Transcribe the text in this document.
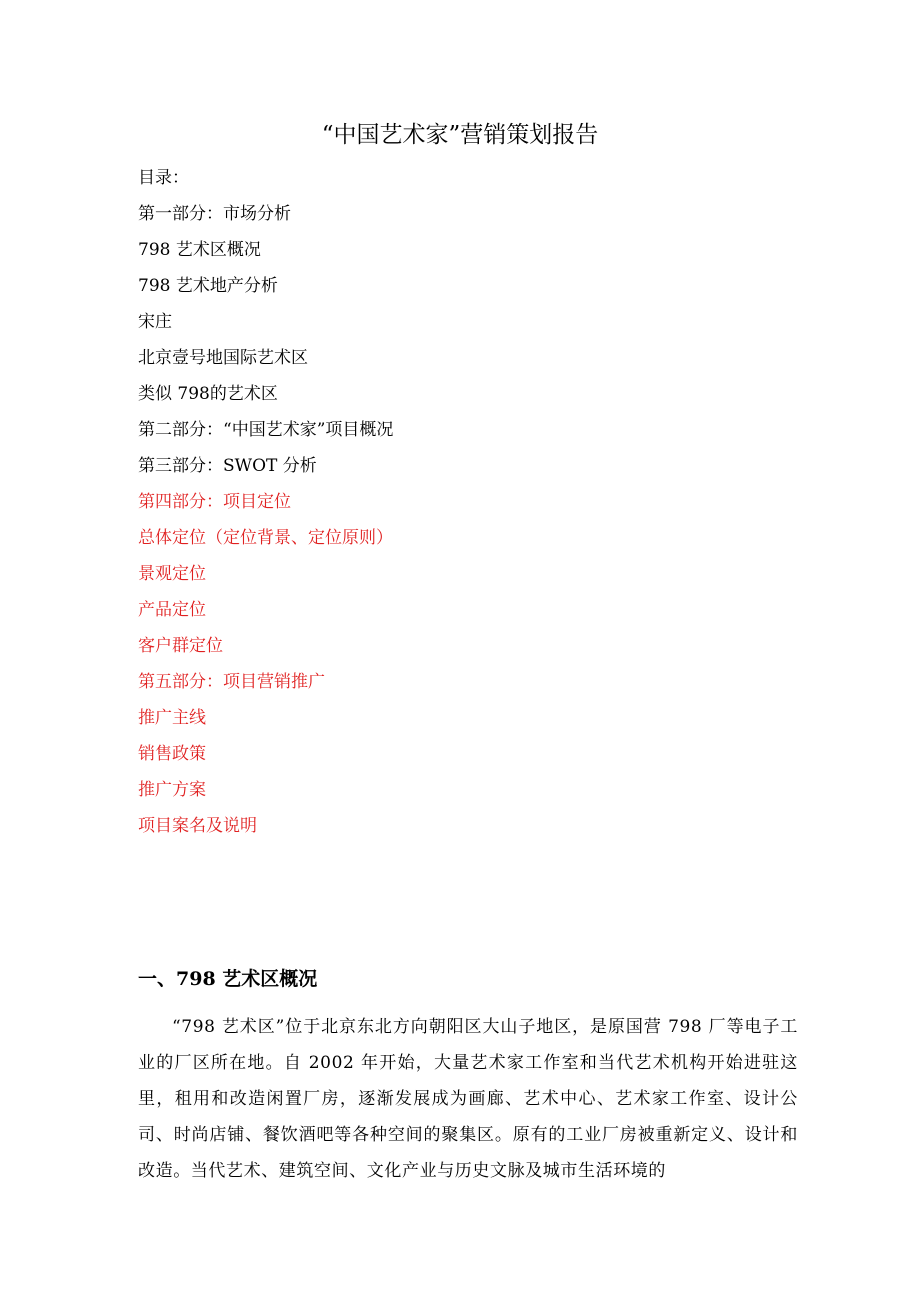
“中国艺术家”营销策划报告

目录：

第一部分：市场分析
798 艺术区概况
798 艺术地产分析
宋庄
北京壹号地国际艺术区
类似 798的艺术区
第二部分：“中国艺术家”项目概况
第三部分：SWOT 分析
第四部分：项目定位
总体定位（定位背景、定位原则）
景观定位
产品定位
客户群定位
第五部分：项目营销推广
推广主线
销售政策
推广方案
项目案名及说明
一、798 艺术区概况

“798 艺术区”位于北京东北方向朝阳区大山子地区，是原国营 798 厂等电子工业的厂区所在地。自 2002 年开始，大量艺术家工作室和当代艺术机构开始进驻这里，租用和改造闲置厂房，逐渐发展成为画廊、艺术中心、艺术家工作室、设计公司、时尚店铺、餐饮酒吧等各种空间的聚集区。原有的工业厂房被重新定义、设计和改造。当代艺术、建筑空间、文化产业与历史文脉及城市生活环境的
